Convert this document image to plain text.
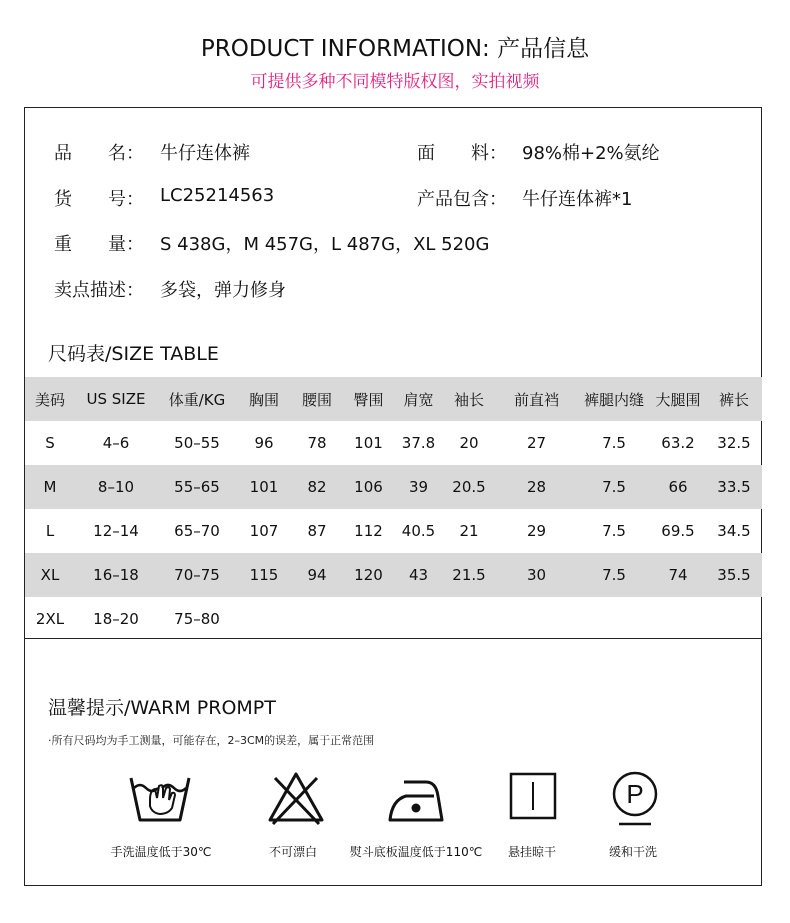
PRODUCT INFORMATION: 产品信息
可提供多种不同模特版权图，实拍视频
品　　名： 牛仔连体裤	面　　料： 98%棉+2%氨纶
货　　号： LC25214563	产品包含： 牛仔连体裤*1
重　　量： S 438G，M 457G，L 487G，XL 520G
卖点描述： 多袋，弹力修身
尺码表/SIZE TABLE
美码	US SIZE	体重/KG	胸围	腰围	臀围	肩宽	袖长	前直裆	裤腿内缝	大腿围	裤长
S	4–6	50–55	96	78	101	37.8	20	27	7.5	63.2	32.5
M	8–10	55–65	101	82	106	39	20.5	28	7.5	66	33.5
L	12–14	65–70	107	87	112	40.5	21	29	7.5	69.5	34.5
XL	16–18	70–75	115	94	120	43	21.5	30	7.5	74	35.5
2XL	18–20	75–80									
温馨提示/WARM PROMPT
·所有尺码均为手工测量，可能存在，2–3CM的误差，属于正常范围
P
手洗温度低于30℃	不可漂白	熨斗底板温度低于110℃ 悬挂晾干	缓和干洗
